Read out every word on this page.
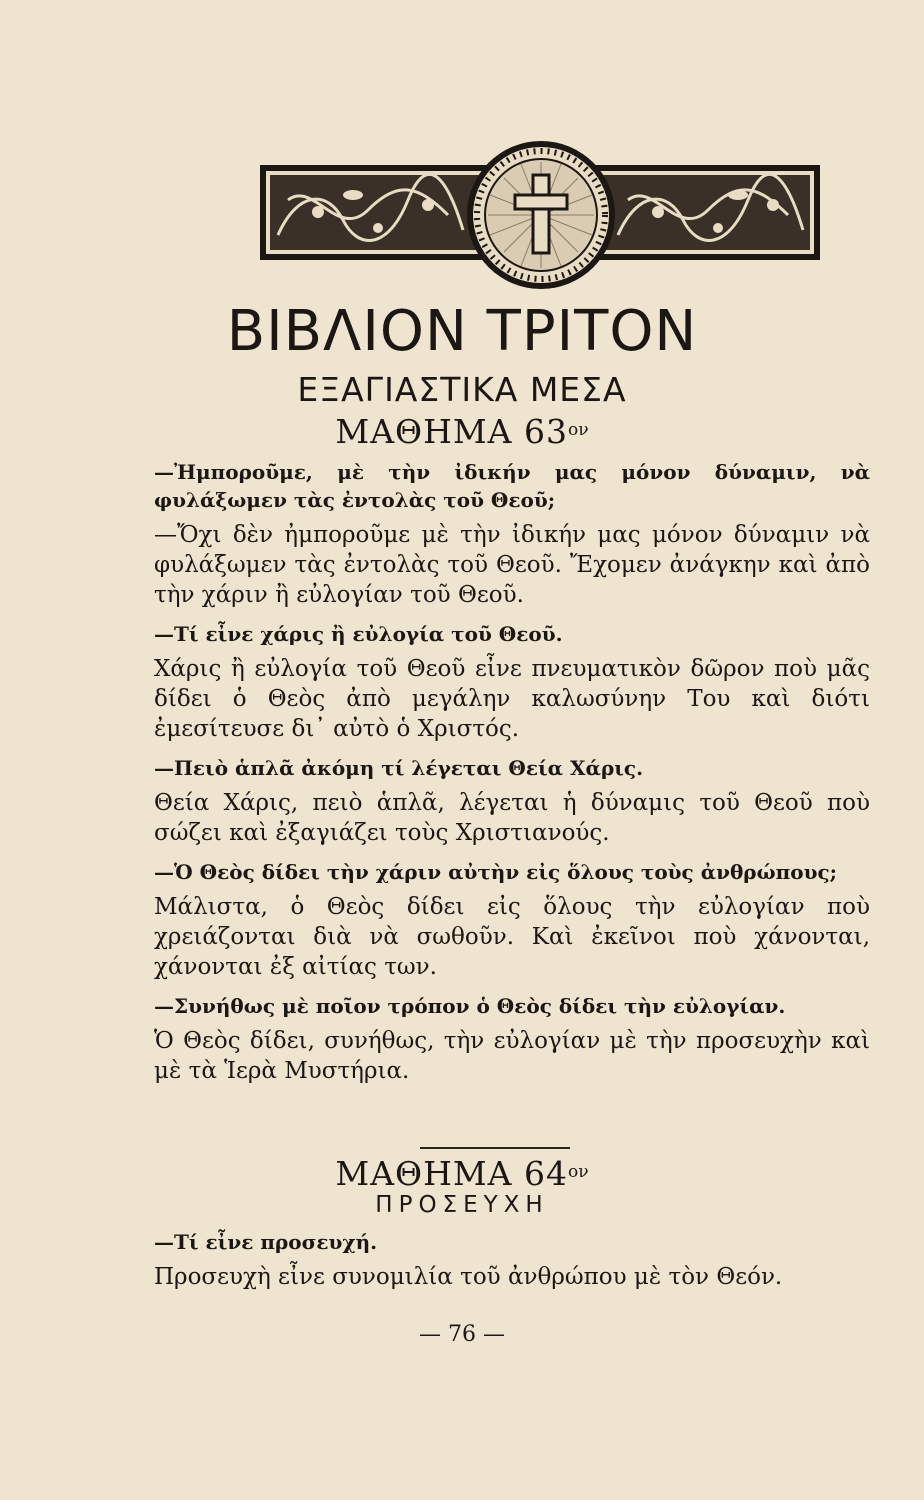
ΒΙΒΛΙΟΝ ΤΡΙΤΟΝ
ΕΞΑΓΙΑΣΤΙΚΑ ΜΕΣΑ
ΜΑΘΗΜΑ $63^{o\nu}$

—Ἠμποροῦμε, μὲ τὴν ἰδικήν μας μόνον δύναμιν, νὰ φυλάξωμεν τὰς ἐντολὰς τοῦ Θεοῦ;

—Ὄχι δὲν ἠμποροῦμε μὲ τὴν ἰδικήν μας μόνον δύναμιν νὰ φυλάξωμεν τὰς ἐντολὰς τοῦ Θεοῦ. Ἔχομεν ἀνάγκην καὶ ἀπὸ τὴν χάριν ἢ εὐλογίαν τοῦ Θεοῦ.

—Τί εἶνε χάρις ἢ εὐλογία τοῦ Θεοῦ.

Χάρις ἢ εὐλογία τοῦ Θεοῦ εἶνε πνευματικὸν δῶρον ποὺ μᾶς δίδει ὁ Θεὸς ἀπὸ μεγάλην καλωσύνην Του καὶ διότι ἐμεσίτευσε δι᾽ αὐτὸ ὁ Χριστός.

—Πειὸ ἁπλᾶ ἀκόμη τί λέγεται Θεία Χάρις.

Θεία Χάρις, πειὸ ἁπλᾶ, λέγεται ἡ δύναμις τοῦ Θεοῦ ποὺ σώζει καὶ ἐξαγιάζει τοὺς Χριστιανούς.

—Ὁ Θεὸς δίδει τὴν χάριν αὐτὴν εἰς ὅλους τοὺς ἀνθρώπους;

Μάλιστα, ὁ Θεὸς δίδει εἰς ὅλους τὴν εὐλογίαν ποὺ χρειάζονται διὰ νὰ σωθοῦν. Καὶ ἐκεῖνοι ποὺ χάνονται, χάνονται ἐξ αἰτίας των.

—Συνήθως μὲ ποῖον τρόπον ὁ Θεὸς δίδει τὴν εὐλογίαν.

Ὁ Θεὸς δίδει, συνήθως, τὴν εὐλογίαν μὲ τὴν προσευχὴν καὶ μὲ τὰ Ἱερὰ Μυστήρια.

ΜΑΘΗΜΑ $64^{o\nu}$
ΠΡΟΣΕΥΧΗ

—Τί εἶνε προσευχή.

Προσευχὴ εἶνε συνομιλία τοῦ ἀνθρώπου μὲ τὸν Θεόν.

— 76 —
